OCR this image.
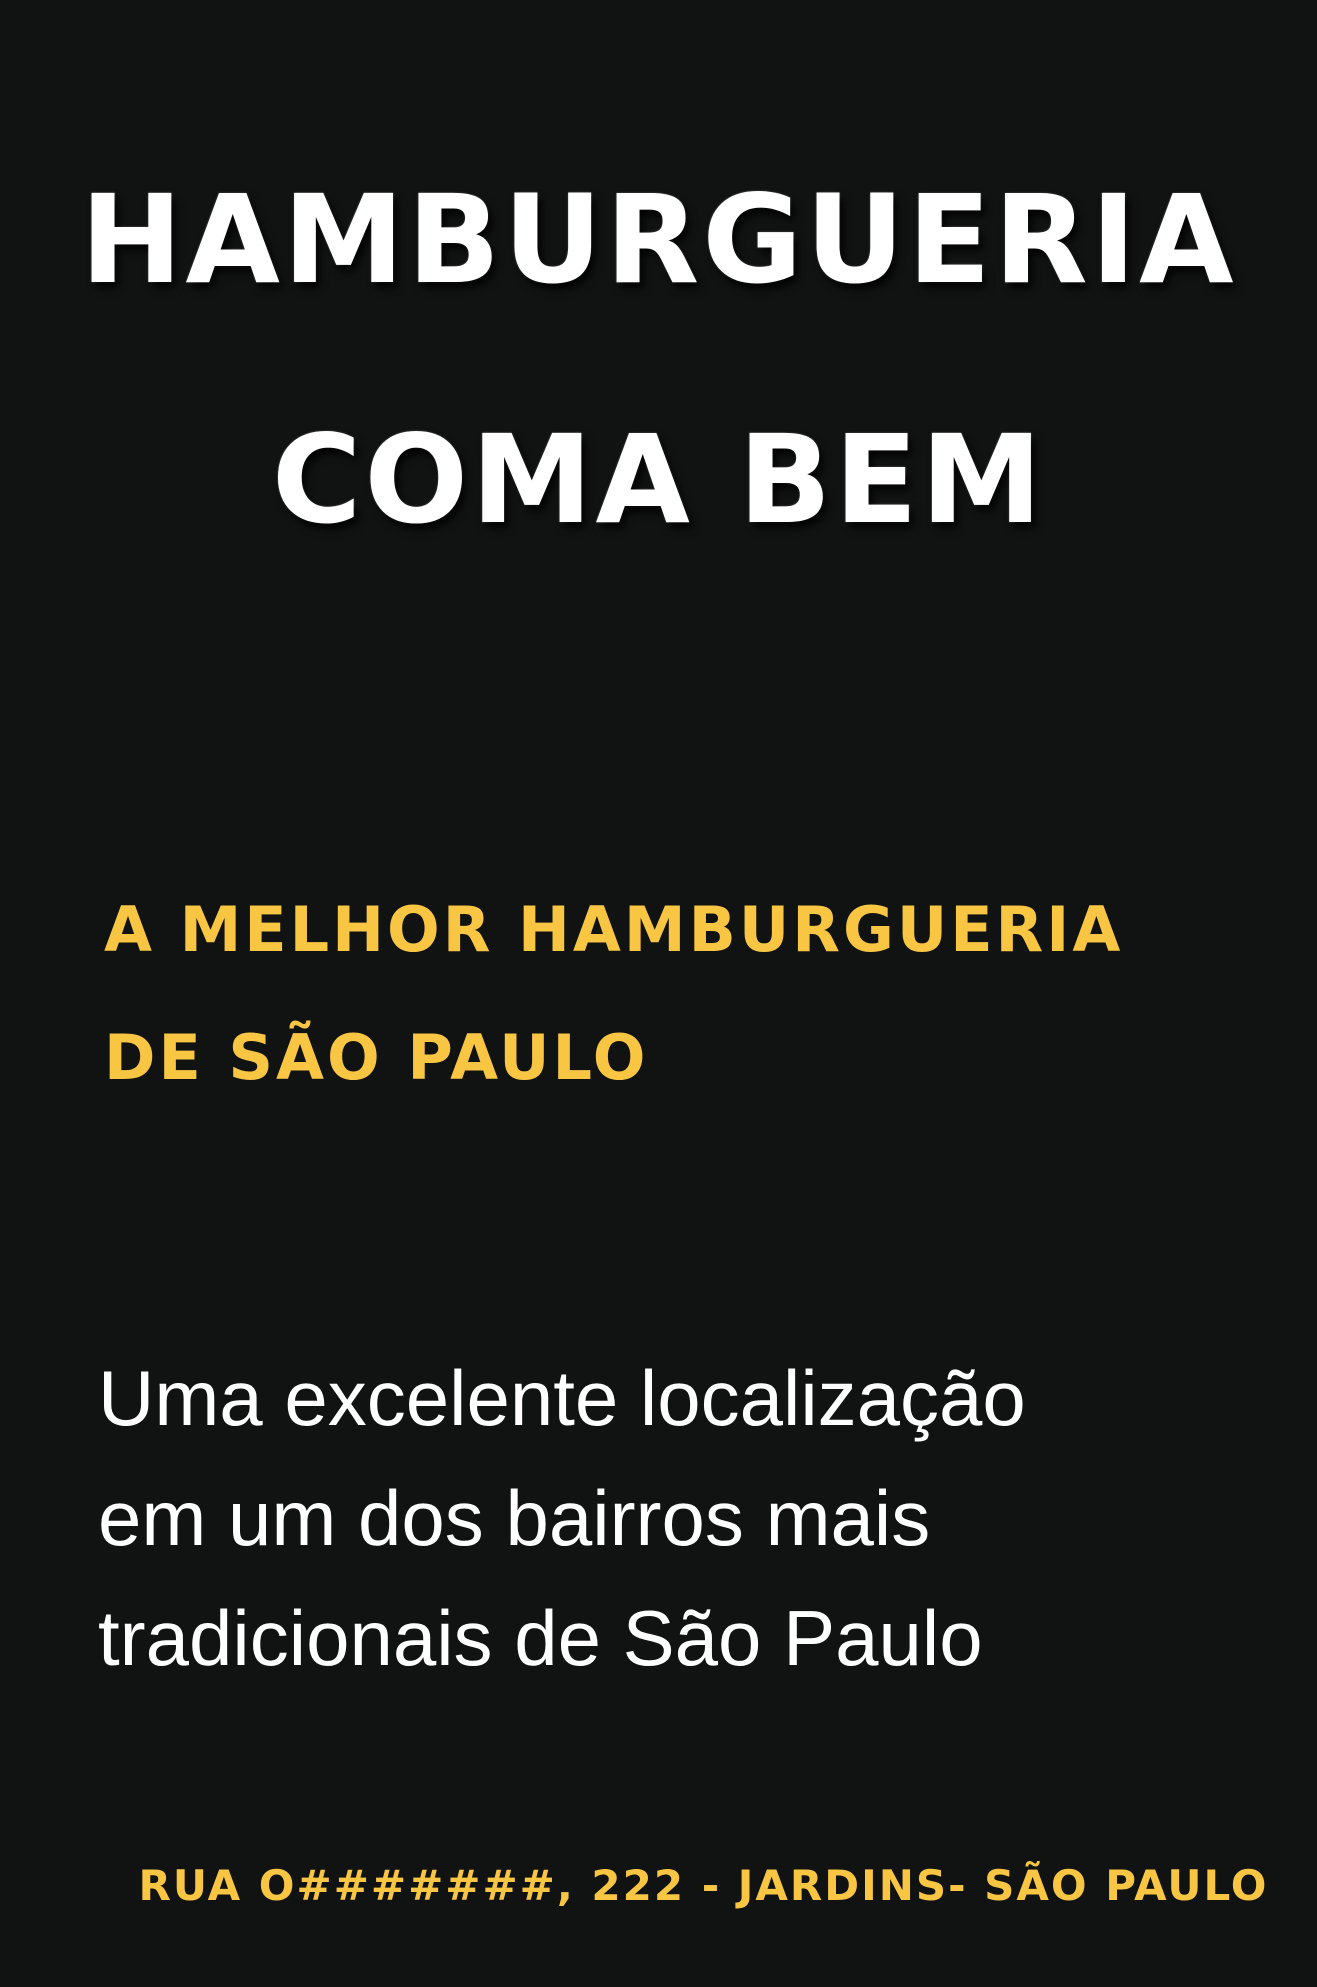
HAMBURGUERIA
COMA BEM
A MELHOR HAMBURGUERIA
DE SÃO PAULO

Uma excelente localização
em um dos bairros mais
tradicionais de São Paulo

RUA O#######, 222 - JARDINS- SÃO PAULO
